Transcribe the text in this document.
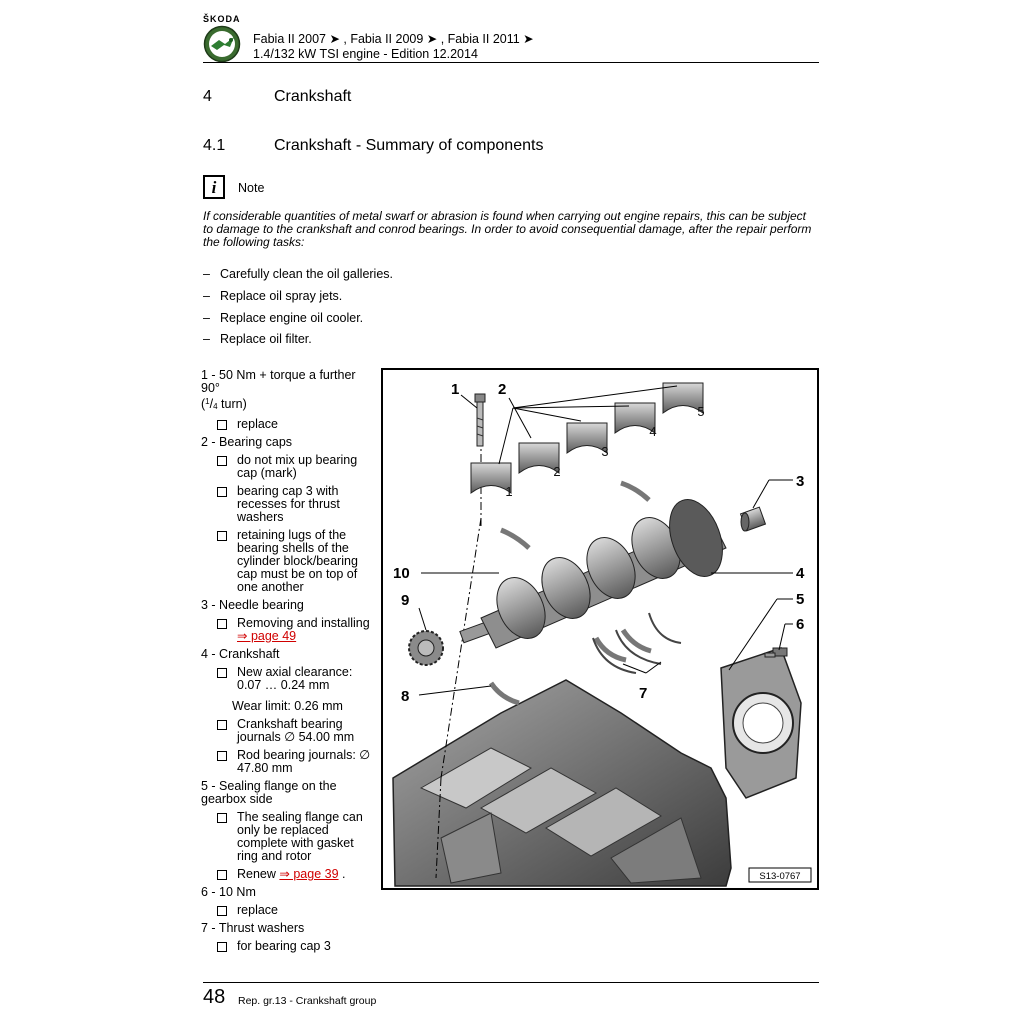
ŠKODA
Fabia II 2007 ➤ , Fabia II 2009 ➤ , Fabia II 2011 ➤
1.4/132 kW TSI engine - Edition 12.2014
4	Crankshaft
4.1	Crankshaft - Summary of components
i Note
If considerable quantities of metal swarf or abrasion is found when carrying out engine repairs, this can be subject to damage to the crankshaft and conrod bearings. In order to avoid consequential damage, after the repair perform the following tasks:
– Carefully clean the oil galleries.
– Replace oil spray jets.
– Replace engine oil cooler.
– Replace oil filter.
1 - 50 Nm + torque a further 90°
($^1/_4$ turn)
replace
2 - Bearing caps
do not mix up bearing cap (mark)
bearing cap 3 with recesses for thrust washers
retaining lugs of the bearing shells of the cylinder block/bearing cap must be on top of one another
3 - Needle bearing
Removing and installing
⇒ page 49
4 - Crankshaft
New axial clearance: 0.07 … 0.24 mm
Wear limit: 0.26 mm
Crankshaft bearing journals ∅ 54.00 mm
Rod bearing journals: ∅ 47.80 mm
5 - Sealing flange on the gearbox side
The sealing flange can only be replaced complete with gasket ring and rotor
Renew ⇒ page 39 .
6 - 10 Nm
replace
7 - Thrust washers
for bearing cap 3
1
2
3
4
5
1	2
3
4
5
6
7
8
9
10
S13-0767
48 Rep. gr.13 - Crankshaft group
